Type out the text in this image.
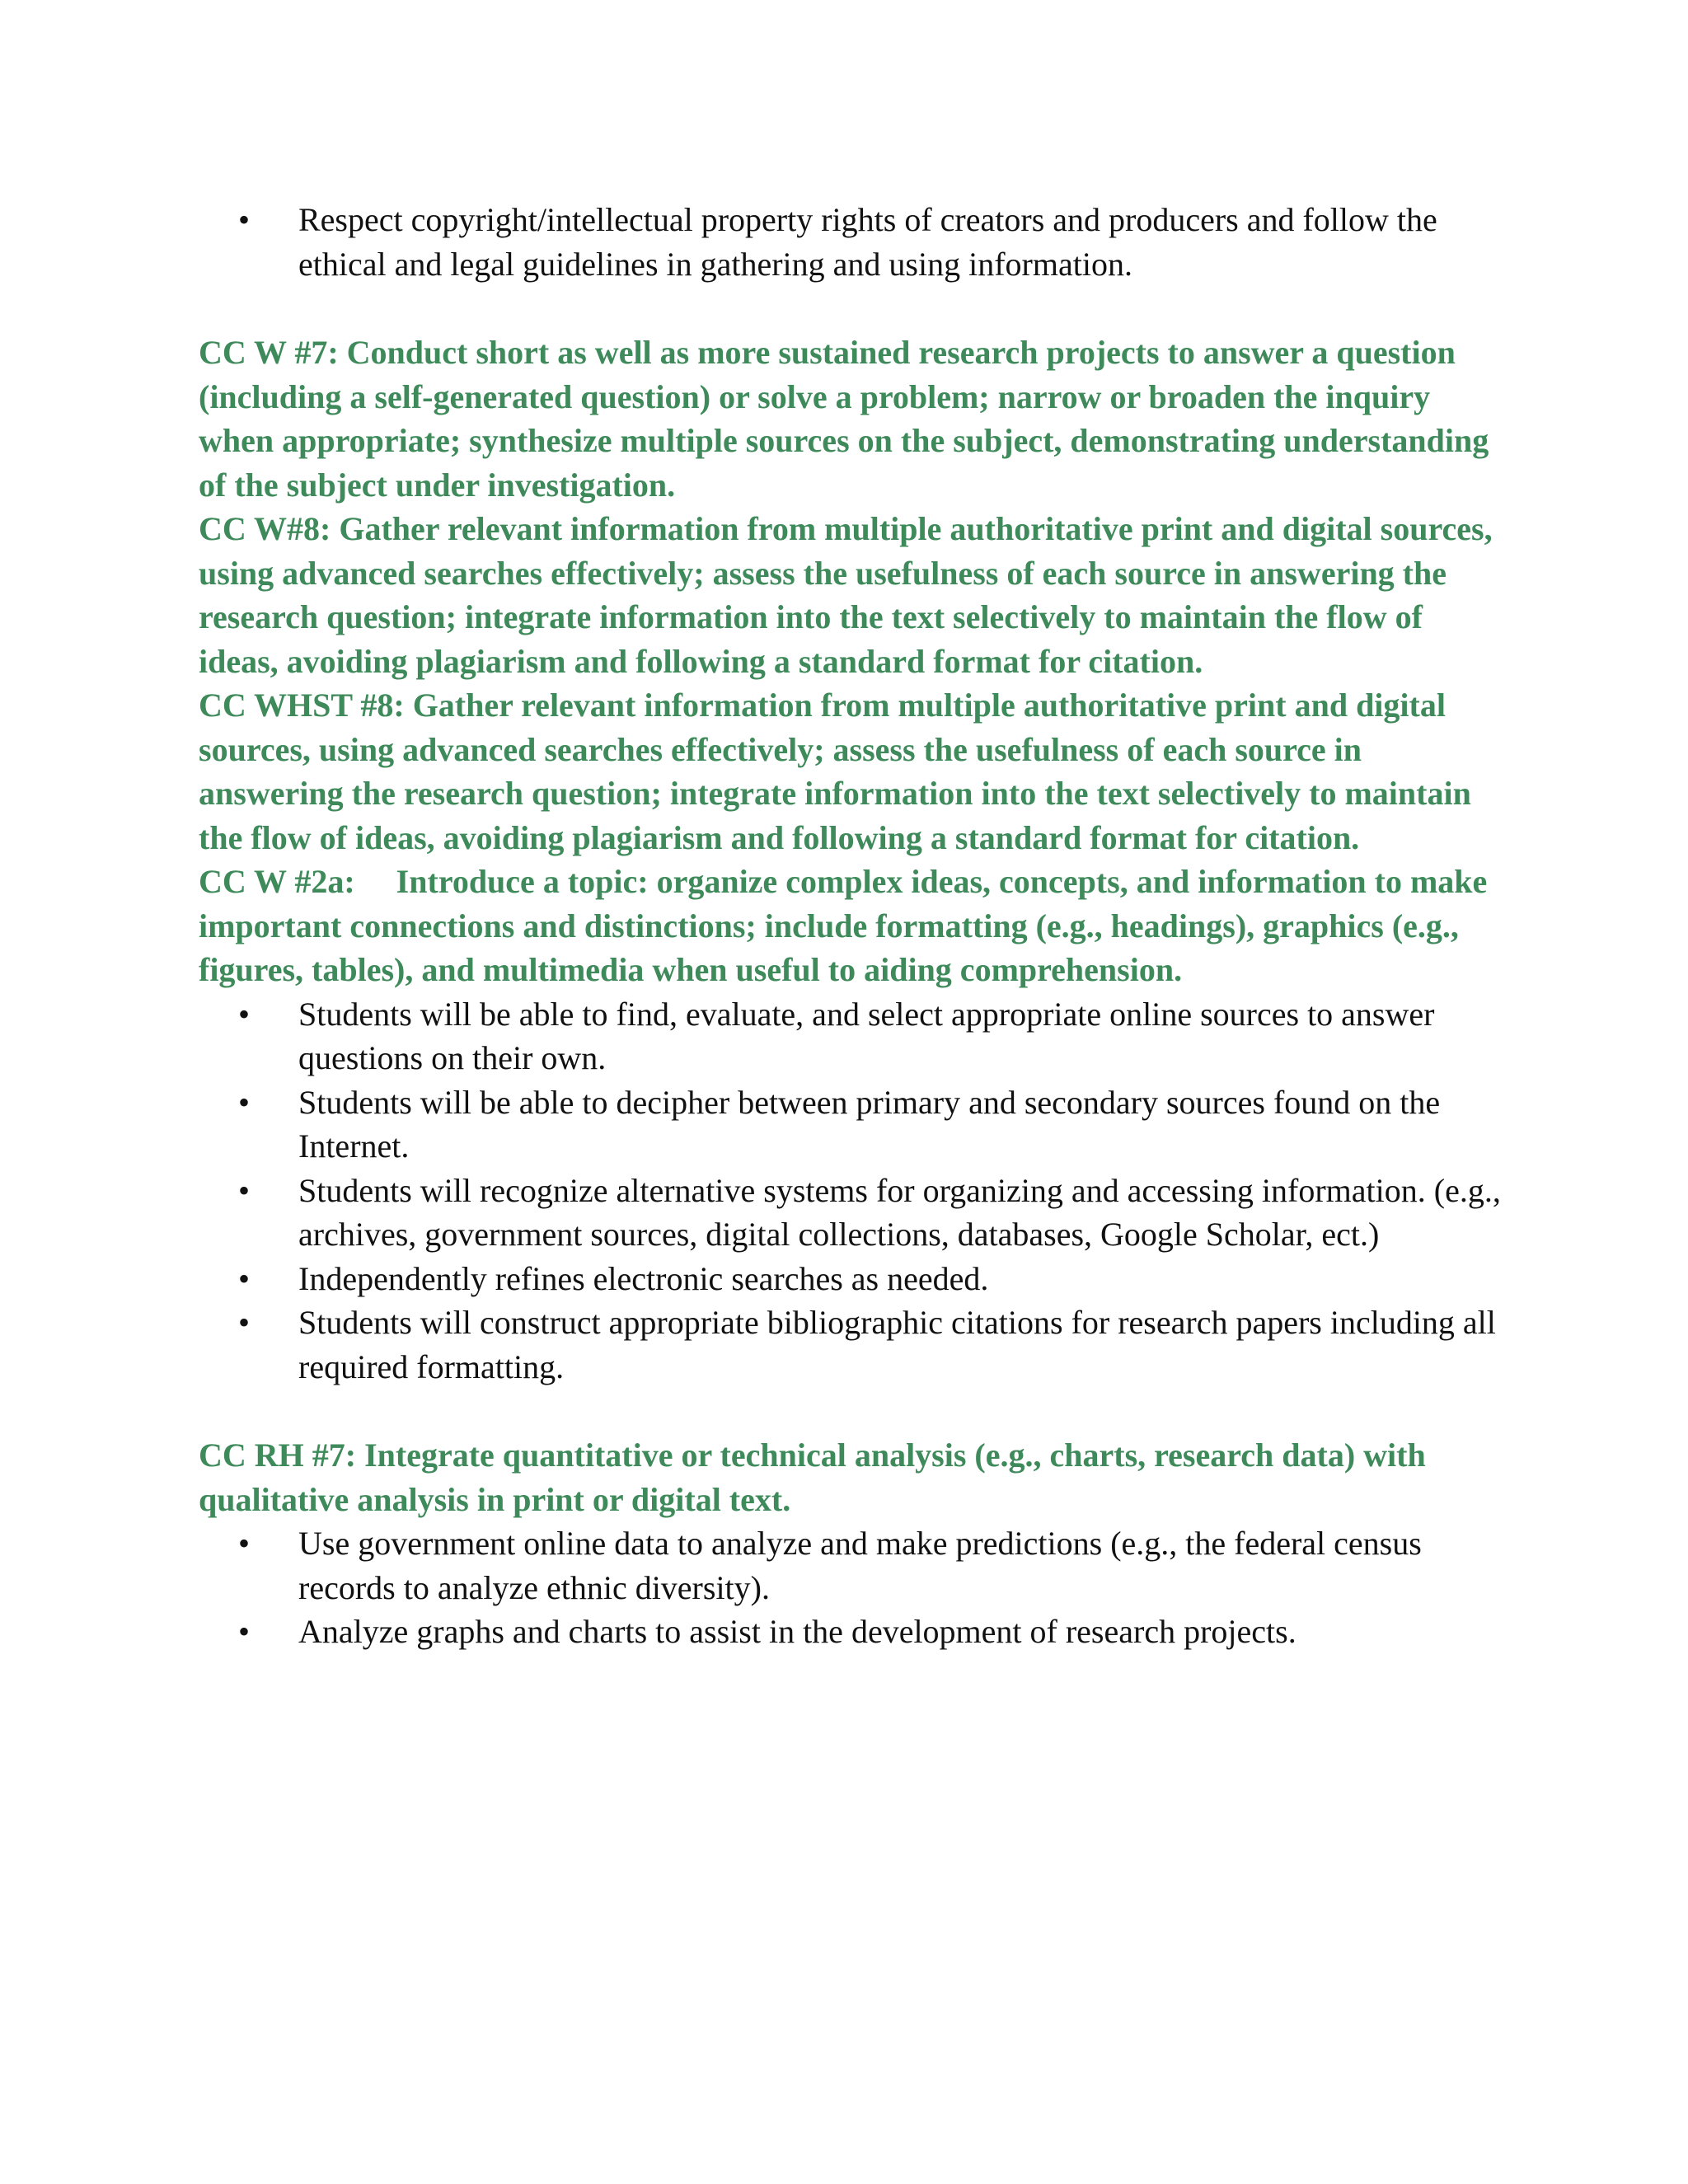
• Respect copyright/intellectual property rights of creators and producers and follow the ethical and legal guidelines in gathering and using information.

CC W #7: Conduct short as well as more sustained research projects to answer a question (including a self-generated question) or solve a problem; narrow or broaden the inquiry when appropriate; synthesize multiple sources on the subject, demonstrating understanding of the subject under investigation.

CC W#8: Gather relevant information from multiple authoritative print and digital sources, using advanced searches effectively; assess the usefulness of each source in answering the research question; integrate information into the text selectively to maintain the flow of ideas, avoiding plagiarism and following a standard format for citation.

CC WHST #8: Gather relevant information from multiple authoritative print and digital sources, using advanced searches effectively; assess the usefulness of each source in answering the research question; integrate information into the text selectively to maintain the flow of ideas, avoiding plagiarism and following a standard format for citation.

CC W #2a:     Introduce a topic: organize complex ideas, concepts, and information to make important connections and distinctions; include formatting (e.g., headings), graphics (e.g., figures, tables), and multimedia when useful to aiding comprehension.

• Students will be able to find, evaluate, and select appropriate online sources to answer questions on their own.
• Students will be able to decipher between primary and secondary sources found on the Internet.
• Students will recognize alternative systems for organizing and accessing information. (e.g., archives, government sources, digital collections, databases, Google Scholar, ect.)
• Independently refines electronic searches as needed.
• Students will construct appropriate bibliographic citations for research papers including all required formatting.

CC RH #7: Integrate quantitative or technical analysis (e.g., charts, research data) with qualitative analysis in print or digital text.

• Use government online data to analyze and make predictions (e.g., the federal census records to analyze ethnic diversity).
• Analyze graphs and charts to assist in the development of research projects.
